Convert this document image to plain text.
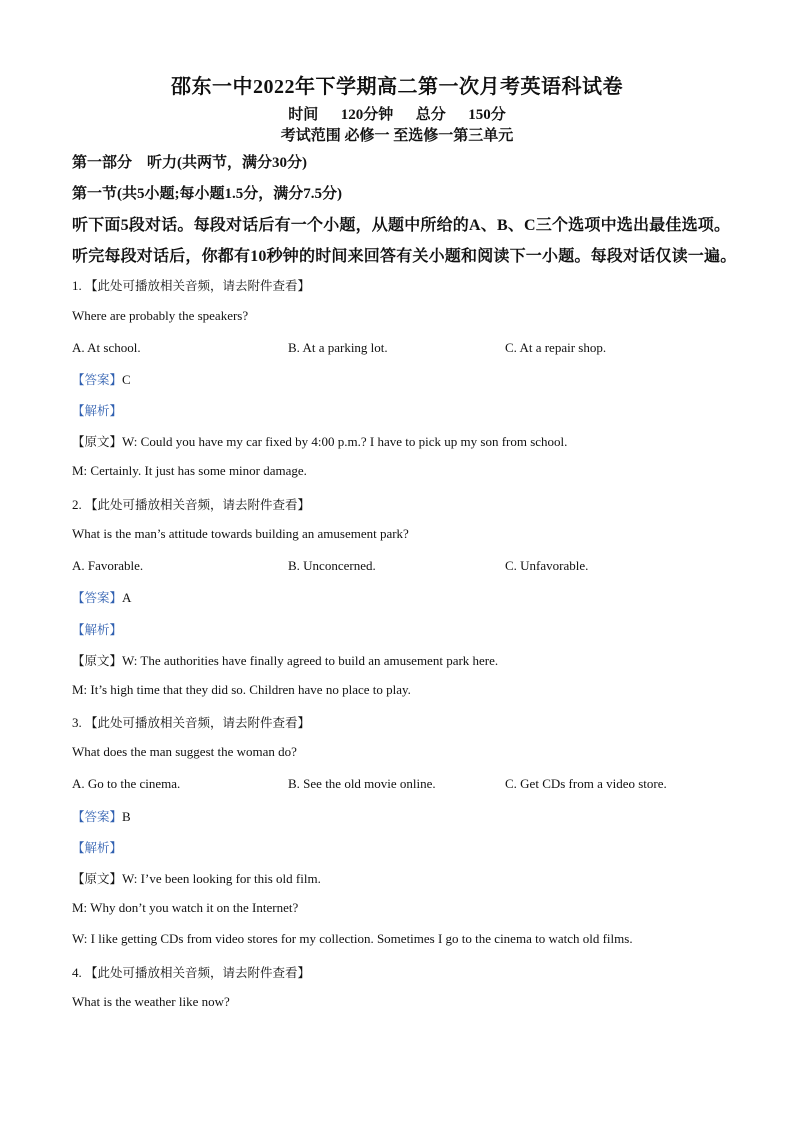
邵东一中2022年下学期高二第一次月考英语科试卷
时间 120分钟 总分 150分
考试范围 必修一 至选修一第三单元
第一部分　听力(共两节，满分30分)
第一节(共5小题;每小题1.5分，满分7.5分)
听下面5段对话。每段对话后有一个小题，从题中所给的A、B、C三个选项中选出最佳选项。
听完每段对话后，你都有10秒钟的时间来回答有关小题和阅读下一小题。每段对话仅读一遍。
1. 【此处可播放相关音频，请去附件查看】
Where are probably the speakers?
A. At school.	B. At a parking lot.	C. At a repair shop.
【答案】C
【解析】
【原文】W: Could you have my car fixed by 4:00 p.m.? I have to pick up my son from school.
M: Certainly. It just has some minor damage.
2. 【此处可播放相关音频，请去附件查看】
What is the man’s attitude towards building an amusement park?
A. Favorable.	B. Unconcerned.	C. Unfavorable.
【答案】A
【解析】
【原文】W: The authorities have finally agreed to build an amusement park here.
M: It’s high time that they did so. Children have no place to play.
3. 【此处可播放相关音频，请去附件查看】
What does the man suggest the woman do?
A. Go to the cinema.	B. See the old movie online.	C. Get CDs from a video store.
【答案】B
【解析】
【原文】W: I’ve been looking for this old film.
M: Why don’t you watch it on the Internet?
W: I like getting CDs from video stores for my collection. Sometimes I go to the cinema to watch old films.
4. 【此处可播放相关音频，请去附件查看】
What is the weather like now?
